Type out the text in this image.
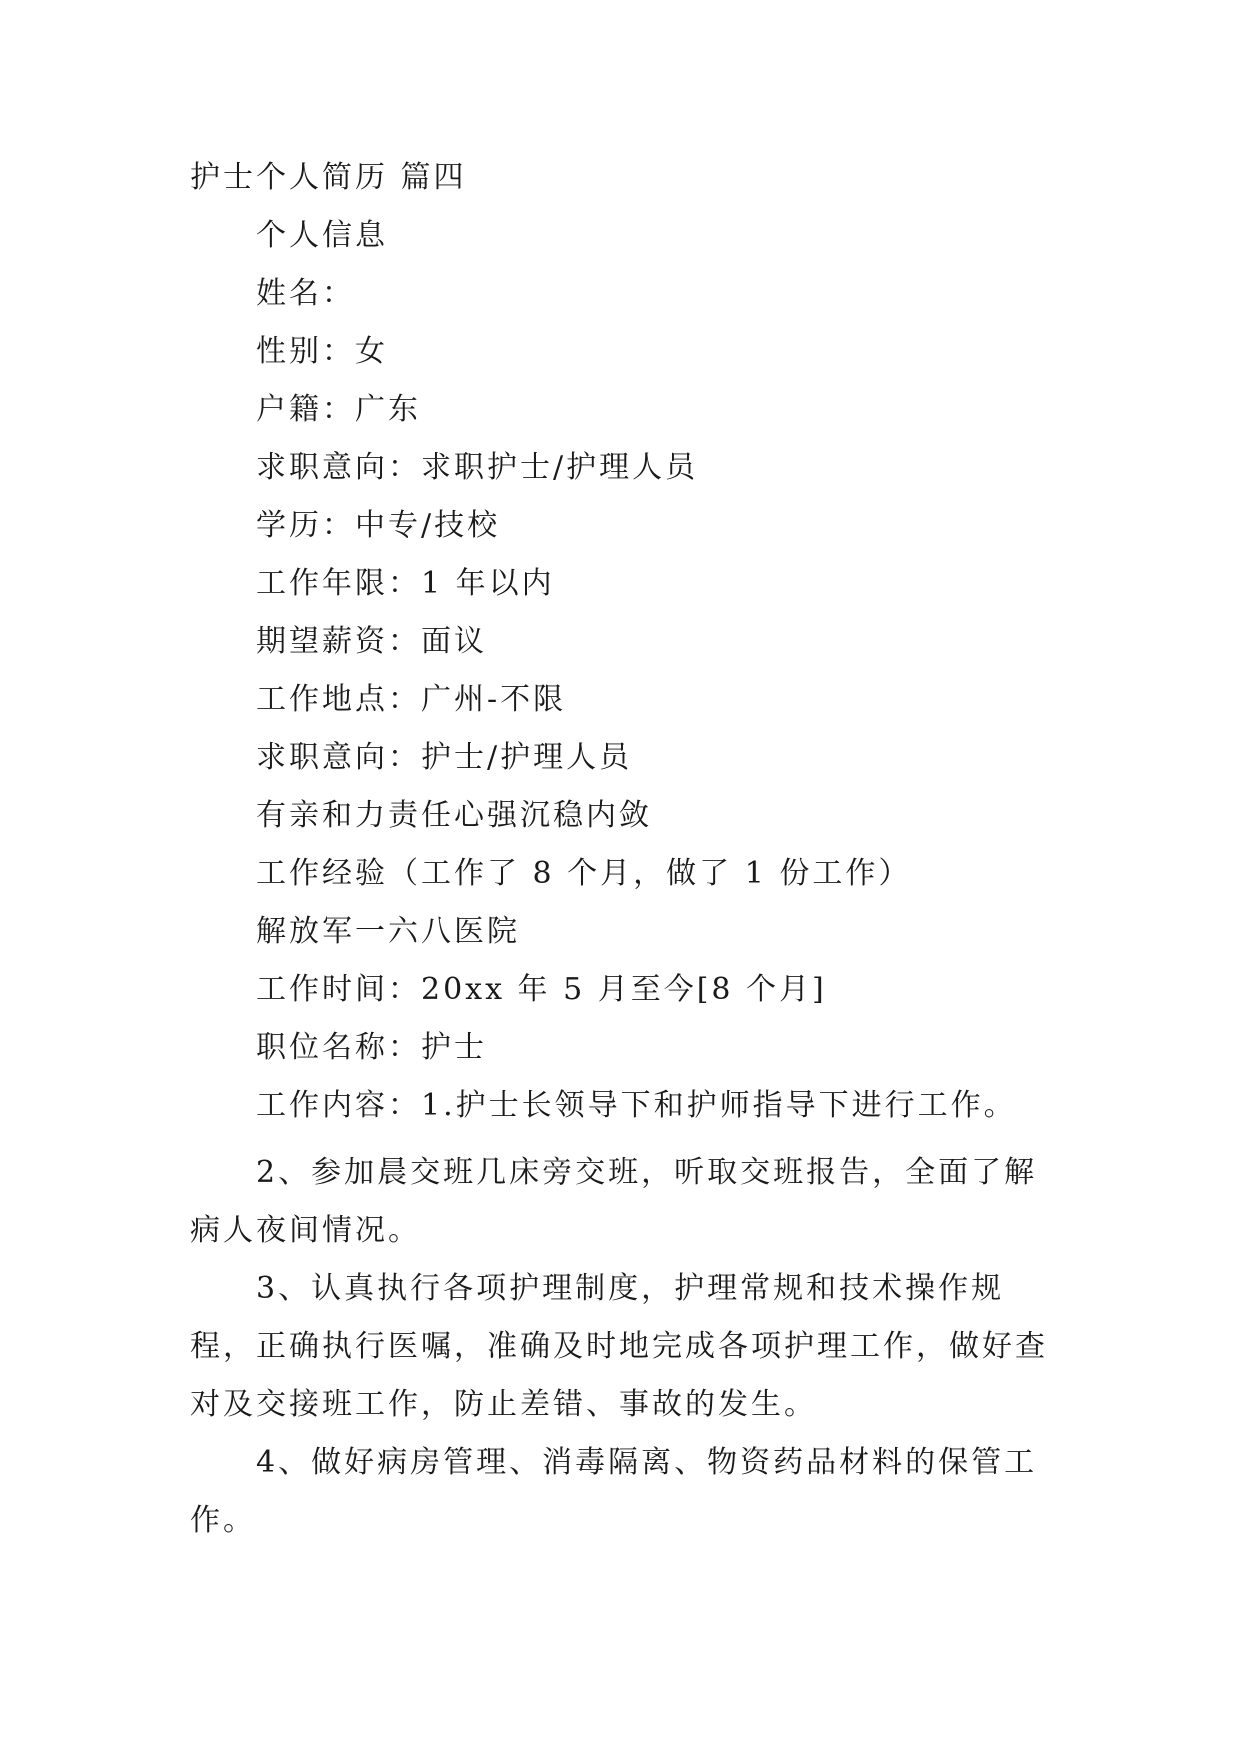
护士个人简历 篇四
个人信息
姓名：
性别：女
户籍：广东
求职意向：求职护士/护理人员
学历：中专/技校
工作年限：1 年以内
期望薪资：面议
工作地点：广州-不限
求职意向：护士/护理人员
有亲和力责任心强沉稳内敛
工作经验（工作了 8 个月，做了 1 份工作）
解放军一六八医院
工作时间：20xx 年 5 月至今[8 个月]
职位名称：护士
工作内容：1.护士长领导下和护师指导下进行工作。

2、参加晨交班几床旁交班，听取交班报告，全面了解病人夜间情况。

3、认真执行各项护理制度，护理常规和技术操作规程，正确执行医嘱，准确及时地完成各项护理工作，做好查对及交接班工作，防止差错、事故的发生。

4、做好病房管理、消毒隔离、物资药品材料的保管工作。
